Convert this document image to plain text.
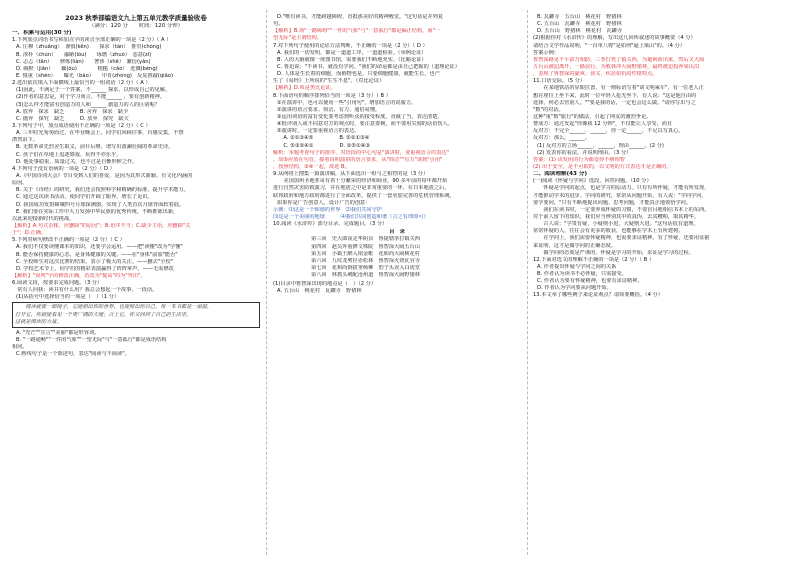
2023 秋季部编语文九上第五单元教学质量验收卷
（满分：120 分　　时间：120 分钟）
一、积累与运用(30 分)
1.下列加点词语书写和加点字的读音全部正确的一项是（2 分）（ A ）
A. 庄穆（zhuāng）　谨慎(kěn)　　探求（tàn）　推崇(chóng)
B. 淳朴（chún）　　鄙陋(lòu)　　琢磨（zhuó）　恣意(zì)
C. 忐忑（tǎn）　　修炼(liàn)　　奢侈（shē）　繁衍(yǎn)
D. 缄默（jiān）　　藕(ǒu)　　　　粗糙（cāo）　迸溅(bèng)
E. 慎重（shèn）　　曝光（bào）　　中肯(zhòng)　反复推敲(qiāo)
2.选出依次填入下面横线上最恰当的一组词语（2 分）（ A ）
(1)因此，不满足于一个答案，不______ 探求，以形成自己的见解。
(2)作者的意思是，对于学习而言，不能______ ，要有创新精神。
(3)怎么样才能富有创造力的人和______ 創造力的人的区别呢？
A. 放弃　探求　缺乏　　　B. 舍弃　探求　缺少
C. 抛弃　探究　缺乏　　　D. 放弃　探究　缺欠
3.下列句子中，加点成语使用不正确的一项是（2 分）（ C ）
A. 三年时光匆匆而过，在毕业晚会上，同学们回顾往事，百感交集，不禁
潸然泪下。
B. 无数革命先烈舍生取义，前仆后继，谱写出波澜壮阔的革命史诗。
C. 孩子们在草地上追逐嬉戏，玩得不亦乐乎。
D. 他处事稳重，质量过关，也不过是自惭形秽之作。
4.下列句子没有语病的一项是（2 分）（ D ）
A.《中国诗词大会》节目受到人们的喜爱，是因为其形式新颖、有文化内涵的
原因。
B. 关于《诗经》的研究，我们还会按照科学和精确的标准，提升学术能力。
C. 通过这次读书活动，使同学们开阔了眼界，增长了见识。
D. 我国成功发射嫦娥四号月球探测器，实现了人类首次月球背面软着陆。
E. 我们要在实际工作中大力发扬中华民族的优秀传统，不断推陈出新，
以此来迎接新时代的挑战。
【解析】A.句式杂糅，应删除"的原因"；B.语序不当；C.缺少主语，应删除"关
于"；D.正确。
5.下列对病句修改不正确的一项是（2 分）（ C ）
A. 我们不仅要读懂课本的知识，还要学会运用。——把"读懂"改为"学懂"
B. 能否保持健康的心态，是身体健康的关键。——在"身体"前加"能否"
C. 全校师生对这次比赛的结果，表示了极大的关注。——删去"全校"
D. 学校艺术节上，同学们的精彩表演赢得了阵阵掌声。——无需修改
【解析】"误判"字的修改正确，若改为"提高"的为"突出"。
6.阅读文段，按要求完成问题。（3 分）
　常有人问我：读书有什么用？我总会想起一个故事，一段话。
(1)从括号中选择恰当的一项是（　）（1 分）
　　阅读就像一面镜子，它能照出你的世界，也能照出你自己。每一本书都是一扇窗，
打开它，你就能看见一个更广阔的天地；合上它，你又回到了自己的生活里，
这就是阅读的力量。
A. "光芒""宣言""美丽"都是形容词。
B. "一路通畅""一件的气象""一望无际"与"一意孤行"都是成语结构
相同。
C.画线句子是一个陈述句，表达"阅读与不阅读"。
D."唯有读书，才能跨越障碍，直抵那美好的精神殿堂。"这句话是并列复
句。
【解析】B.项"一路障碍""一件的气象"与"一意孤行"都是偏正结构，而"一
望无际"是主谓结构。
7.对下列句子使用的论证方法判断，不正确的一项是（2 分）（ D ）
A. 我们的一切发明，都是一道道工序，一道道检验。（举例论证）
B. 人的大脑就像一座图书馆，需要我们不断地充实。（比喻论证）
C. 鲁迅说："不读书，就没有学问。"我们的命运都是由自己把握的（道理论证）
D. 人体是生长着的细胞，而植物也是，只要细胞健康，就能生长，也产
生了《易经》上所说的"生生不息"。（对比论证）
【解析】D.项是类比论证。
8.下面语句的顺序排列恰当的一项是（3 分）（ B ）
①在演讲中，也可以使用一些"引用句"，增加语言的说服力。
②演讲的语言要求、简洁、有力、通俗易懂。
③运用词语的富有变化要考虑到听众的接受程度，直截了当，表达清楚。
④批评别人或不同意对方的观点时，要注意委婉，而不要用尖刻的话语伤人。
⑤演讲时，一定要重视语言的表达。
　　A. ②①③④⑤　　　　　B. ⑤②①③④
　　C. ⑤③②④①　　　　　D. ②⑤①④③
解析：本题考查句子的排序，对语段的中心句是"演讲时，要重视语言的表达"
，故⑤应放在句首。接着说明演讲的语言要求，从"简洁""有力"谈到"引用"
，按照结构，③④一起，故选 B。
9.从网络上搜集一篇演讲稿，从下面选出一组与之相符的是（3 分）
　　美国加州圣地亚哥有着十分繁荣的经济和商业，90 多年前的每年都开始
进行自然灾害防救演习，并在地震之中是非常重要的一环，在日本地震之后，
联邦政府和地方政府都进行了全面改革，提供了一套更加完善的危机管理系统。
如果你是广告创意人，设计广告的创意：
示例：⑴这是一个和谐的世界　⑵我们共同守护
⑶这是一个美丽的地球　　　⑷我们共同创造和谐（言之有理即可）
10.阅读《水浒传》部分目录，完成题目。（3 分）
目　录
第三回　史大郎夜走华阴县　鲁提辖拳打镇关西
第四回　赵员外重修文殊院　鲁智深大闹五台山
第五回　小霸王醉入销金帐　花和尚大闹桃花村
第六回　九纹龙剪径赤松林　鲁智深火烧瓦官寺
第七回　花和尚倒拔垂杨柳　豹子头误入白虎堂
第八回　林教头刺配沧州道　鲁智深大闹野猪林
(1)目录中鲁智深出现的地点是（　）（2 分）
A. 五台山　桃花村　瓦罐寺　野猪林
B. 瓦罐寺　五台山　桃花村　野猪林
C. 五台山　瓦罐寺　桃花村　野猪林
D. 五台山　野猪林　桃花村　瓦罐寺
(2)根据你对《水浒传》的理解，写出这几回所叙述的故事概要（4 分）
请结合文学作品说明，"一百单八将"是如何"逼上梁山"的。（4 分）
答案示例：
鲁智深路见不平拔刀相助，三拳打死了镇关西，为避祸而出家，然后又大闹
五台山被迫离开，一路前行，为救林冲大闹野猪林，最终被迫投奔梁山泊
，表现了鲁智深的豪爽、侠义、疾恶如仇的性格特点。
11.口语交际。（5 分）
　　在某地铁站的显眼位置，有一则标语写着"请文明乘车"，有一位老人正
想在座位上坐下来，此时一位年轻人抢先坐下，有人说："这是他自由的
选择，何必去管别人。""要是我的话，一定也会这么做。"请你写出与之
"数"的对话。
这种"重"数"旅行"的做法，引起了网友的激烈争论。
赞成方：通过发起"你像我 12 分钟"，不仅能让人享受，而且
反对方：不完全______，______，你一定______，不足以写真心。
反对方：那么，______。
(1) 反对方的立场______，______，理由______。(2 分)
(2) 发表你的看法，并说明理由。（3 分）
答案：(1) 该发团的行为都变得不够理智
(2) 出于安全，是不可取的，以文明的方式表达才是正确的。
二、阅读理解(43 分)
(一)阅读《怀疑与学问》选段，回答问题。（10 分）
　　怀疑是学问的起点，也是学习的原动力。只有有所怀疑，才能有所发现，
才能推动学术的进步。学问的研究，常常从问题开始，有人说："学问学问，
要学要问。"只有不断地提出问题、思考问题，才能真正地领悟学问。
　　我们在读书时，一定要养成怀疑的习惯，不要盲目地相信书本上的东西。
对于前人留下的知识，我们应当辨别其中的真伪，去其糟粕，取其精华。
　　古人说："学贵有疑，小疑则小进，大疑则大进。"这句话很有道理。
常常怀疑的人，往往会有更多的收获，也能够在学术上有所建树。
　　在学问上，我们需要怀疑精神，也需要求证精神。有了怀疑，还要用证据
来证明，这才是做学问的正确态度。
　　做学问的态度是严谨的，怀疑是学习的开始，求证是学习的过程。
12.下面对选文的理解不正确的一项是（2 分）（ B ）
A. 作者提出怀疑与学问之间的关系
B. 作者认为读书不必怀疑，只需接受。
C. 作者认为要有怀疑精神，也要有求证精神。
D. 作者认为学问要从问题开始。
13.本文举了哪些例子来论证观点？请简要概括。（4 分）
